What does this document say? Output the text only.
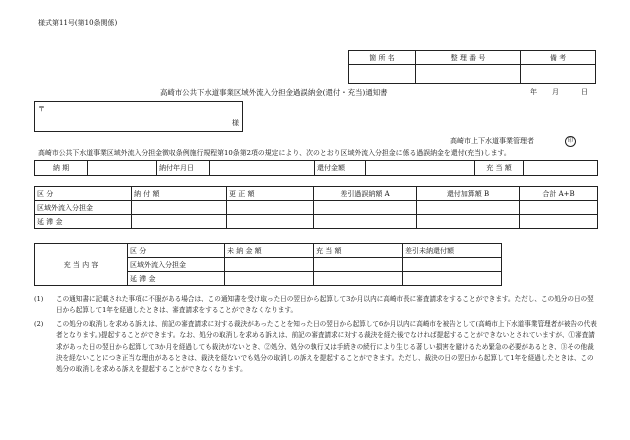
様式第11号(第10条関係)
箇 所 名	整 理 番 号	備 考

高崎市公共下水道事業区域外流入分担金過誤納金(還付・充当)通知書	年 月	日
〒
様
高崎市上下水道事業管理者	印
高崎市公共下水道事業区域外流入分担金徴収条例施行規程第10条第2項の規定により、次のとおり区域外流入分担金に係る過誤納金を還付(充当)します。
納 期		納付年月日		還付金額		充 当 額	
区 分	納 付 額	更 正 額	差引過誤納額 A	還付加算額 B	合計 A+B
区域外流入分担金					
延 滞 金					
充 当 内 容	区 分	未 納 金 額	充 当 額	差引未納還付額
	区域外流入分担金			
	延 滞 金			
(1)	この通知書に記載された事項に不服がある場合は、この通知書を受け取った日の翌日から起算して3か月以内に高崎市長に審査請求をすることができます。ただし、この処分の日の翌日から起算して1年を経過したときは、審査請求をすることができなくなります。
(2)	この処分の取消しを求める訴えは、前記の審査請求に対する裁決があったことを知った日の翌日から起算して6か月以内に高崎市を被告として(高崎市上下水道事業管理者が被告の代表者となります。)提起することができます。なお、処分の取消しを求める訴えは、前記の審査請求に対する裁決を経た後でなければ提起することができないとされていますが、①審査請求があった日の翌日から起算して3か月を経過しても裁決がないとき、②処分、処分の執行又は手続きの続行により生じる著しい損害を避けるため緊急の必要があるとき、③その他裁決を経ないことにつき正当な理由があるときは、裁決を経ないでも処分の取消しの訴えを提起することができます。ただし、裁決の日の翌日から起算して1年を経過したときは、この処分の取消しを求める訴えを提起することができなくなります。
